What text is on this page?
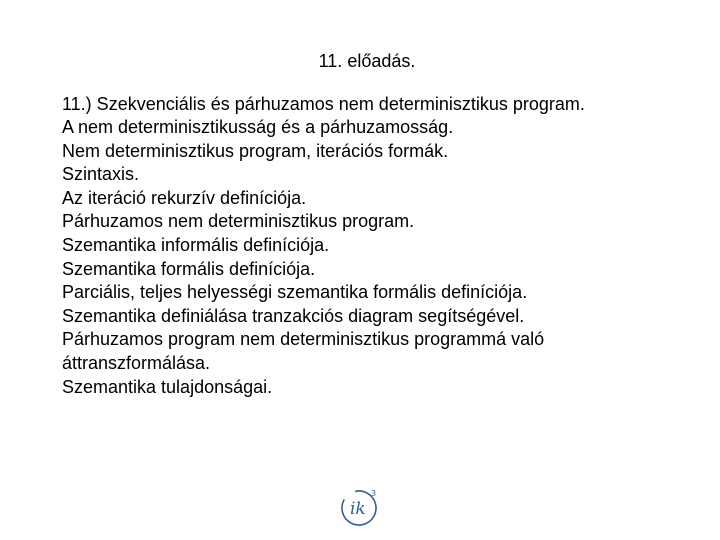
11. előadás.
11.) Szekvenciális és párhuzamos nem determinisztikus program.
A nem determinisztikusság és a párhuzamosság.
Nem determinisztikus program, iterációs formák.
Szintaxis.
Az iteráció rekurzív definíciója.
Párhuzamos nem determinisztikus program.
Szemantika informális definíciója.
Szemantika formális definíciója.
Parciális, teljes helyességi szemantika formális definíciója.
Szemantika definiálása tranzakciós diagram segítségével.
Párhuzamos program nem determinisztikus programmá való áttranszformálása.
Szemantika tulajdonságai.
ik
3
